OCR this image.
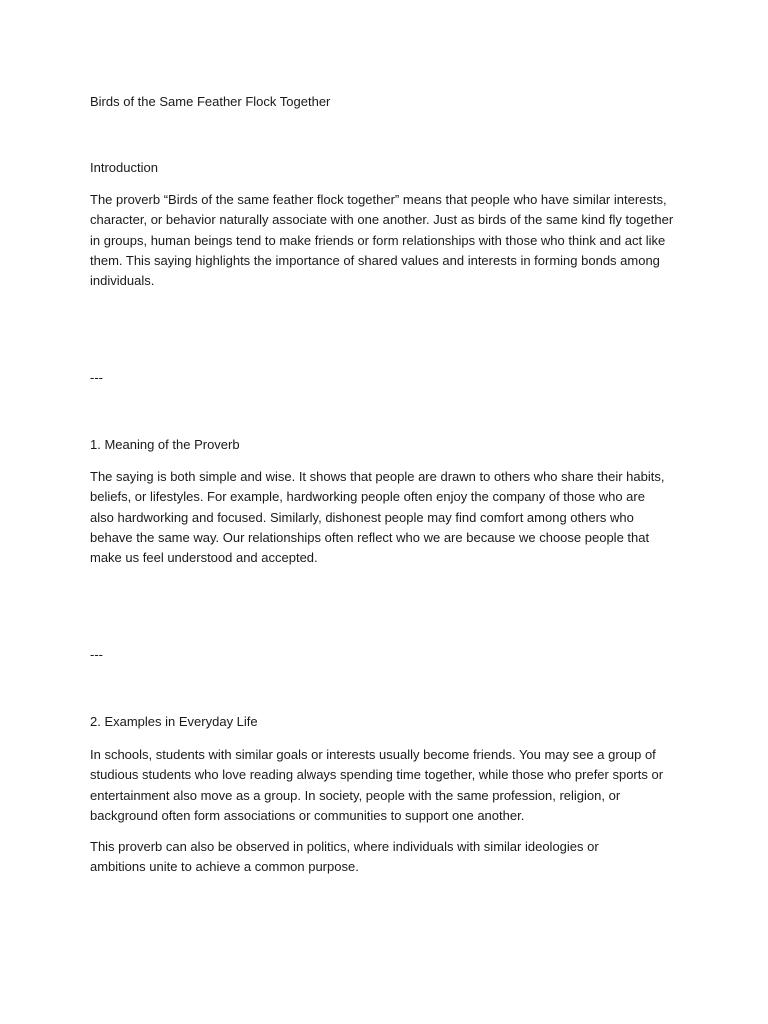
Birds of the Same Feather Flock Together

Introduction

The proverb “Birds of the same feather flock together” means that people who have similar interests, character, or behavior naturally associate with one another. Just as birds of the same kind fly together in groups, human beings tend to make friends or form relationships with those who think and act like them. This saying highlights the importance of shared values and interests in forming bonds among individuals.

---

1. Meaning of the Proverb

The saying is both simple and wise. It shows that people are drawn to others who share their habits, beliefs, or lifestyles. For example, hardworking people often enjoy the company of those who are also hardworking and focused. Similarly, dishonest people may find comfort among others who behave the same way. Our relationships often reflect who we are because we choose people that make us feel understood and accepted.

---

2. Examples in Everyday Life

In schools, students with similar goals or interests usually become friends. You may see a group of studious students who love reading always spending time together, while those who prefer sports or entertainment also move as a group. In society, people with the same profession, religion, or background often form associations or communities to support one another.

This proverb can also be observed in politics, where individuals with similar ideologies or ambitions unite to achieve a common purpose.
